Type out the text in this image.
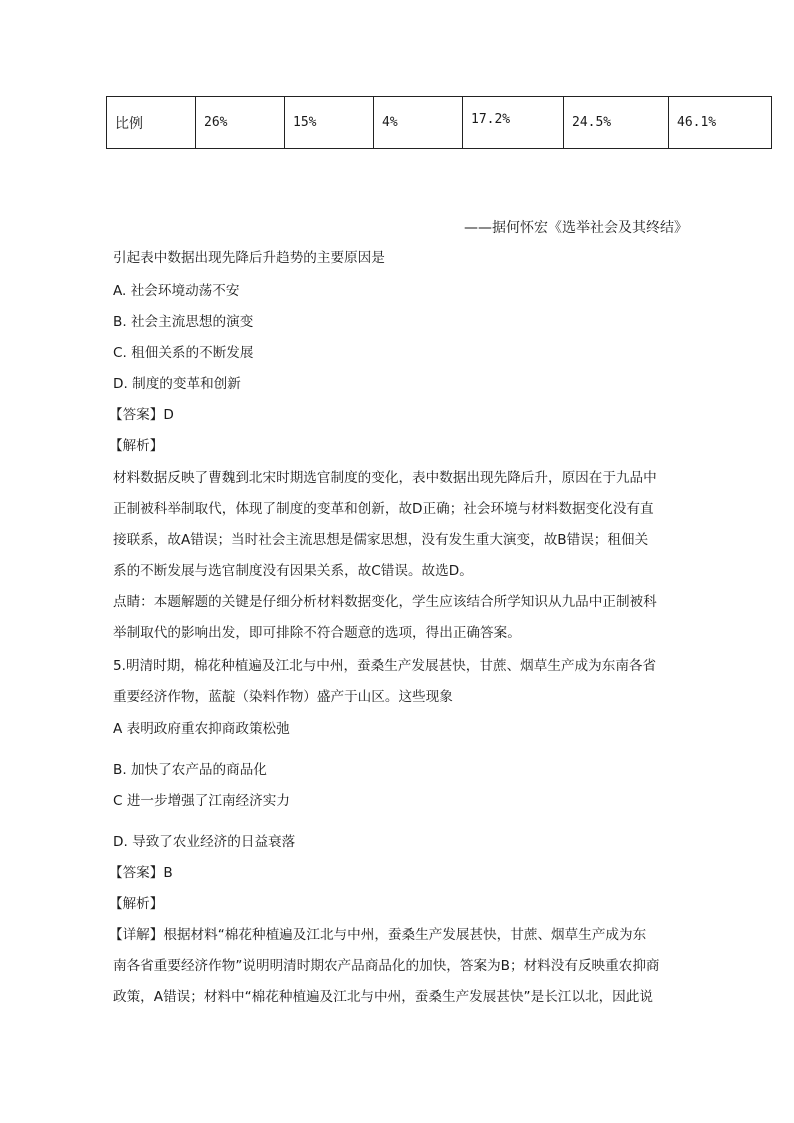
比例	26%	15%	4%	17.2%	24.5%	46.1%
——据何怀宏《选举社会及其终结》
引起表中数据出现先降后升趋势的主要原因是
A. 社会环境动荡不安
B. 社会主流思想的演变
C. 租佃关系的不断发展
D. 制度的变革和创新
【答案】D
【解析】
材料数据反映了曹魏到北宋时期选官制度的变化，表中数据出现先降后升，原因在于九品中
正制被科举制取代，体现了制度的变革和创新，故D正确；社会环境与材料数据变化没有直
接联系，故A错误；当时社会主流思想是儒家思想，没有发生重大演变，故B错误；租佃关
系的不断发展与选官制度没有因果关系，故C错误。故选D。
点睛：本题解题的关键是仔细分析材料数据变化，学生应该结合所学知识从九品中正制被科
举制取代的影响出发，即可排除不符合题意的选项，得出正确答案。
5.明清时期，棉花种植遍及江北与中州，蚕桑生产发展甚快，甘蔗、烟草生产成为东南各省
重要经济作物，蓝靛（染料作物）盛产于山区。这些现象
A 表明政府重农抑商政策松弛
B. 加快了农产品的商品化
C 进一步增强了江南经济实力
D. 导致了农业经济的日益衰落
【答案】B
【解析】
【详解】根据材料“棉花种植遍及江北与中州，蚕桑生产发展甚快，甘蔗、烟草生产成为东
南各省重要经济作物”说明明清时期农产品商品化的加快，答案为B；材料没有反映重农抑商
政策，A错误；材料中“棉花种植遍及江北与中州，蚕桑生产发展甚快”是长江以北，因此说
